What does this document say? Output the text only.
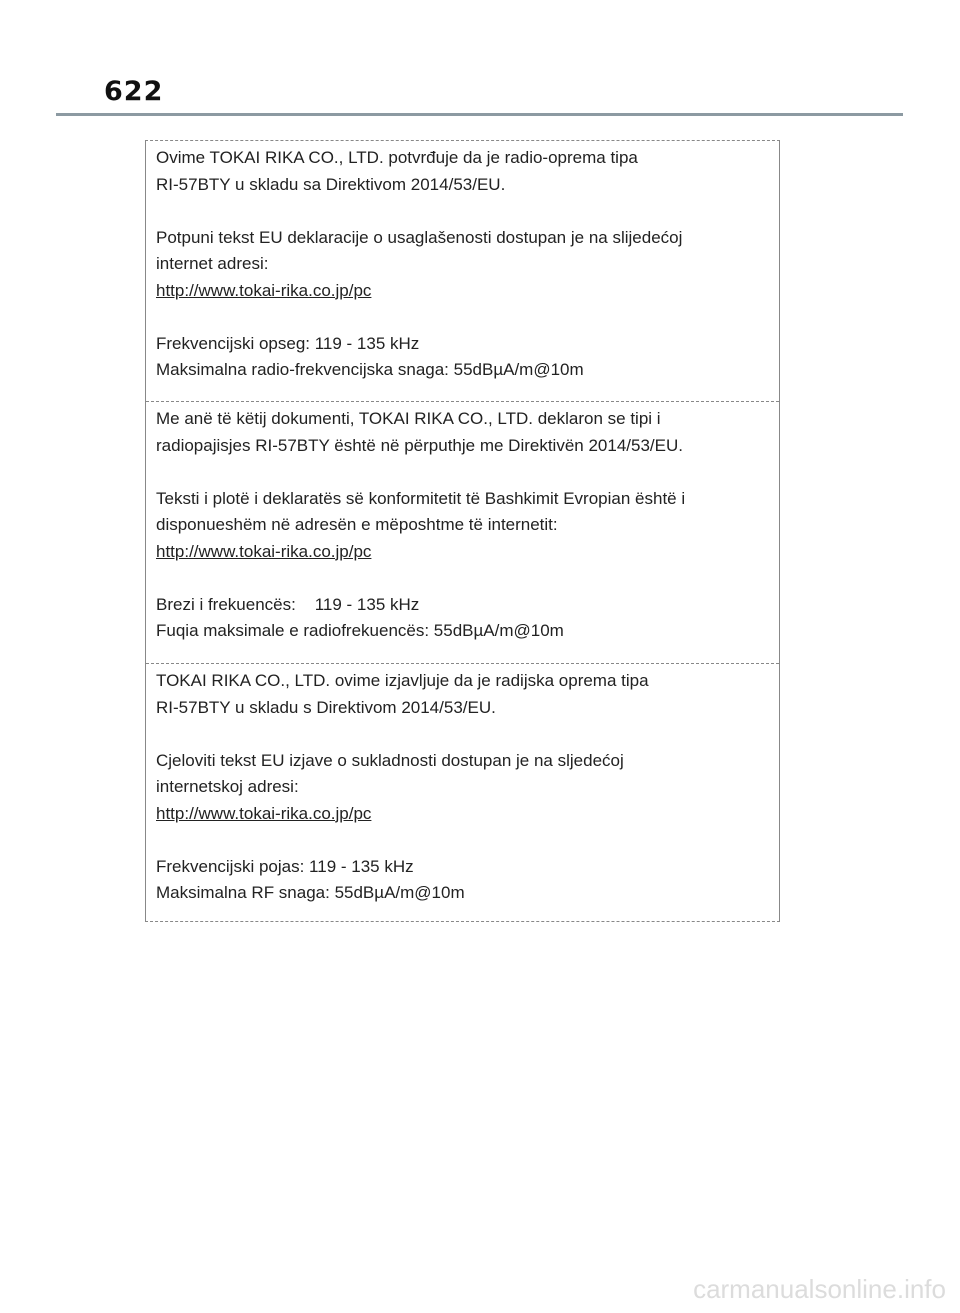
622

Ovime TOKAI RIKA CO., LTD. potvrđuje da je radio-oprema tipa

RI-57BTY u skladu sa Direktivom 2014/53/EU.

Potpuni tekst EU deklaracije o usaglašenosti dostupan je na slijedećoj

internet adresi:

http://www.tokai-rika.co.jp/pc

Frekvencijski opseg: 119 - 135 kHz

Maksimalna radio-frekvencijska snaga: 55dBµA/m@10m

Me anë të këtij dokumenti, TOKAI RIKA CO., LTD. deklaron se tipi i

radiopajisjes RI-57BTY është në përputhje me Direktivën 2014/53/EU.

Teksti i plotë i deklaratës së konformitetit të Bashkimit Evropian është i

disponueshëm në adresën e mëposhtme të internetit:

http://www.tokai-rika.co.jp/pc

Brezi i frekuencës:    119 - 135 kHz

Fuqia maksimale e radiofrekuencës: 55dBµA/m@10m

TOKAI RIKA CO., LTD. ovime izjavljuje da je radijska oprema tipa

RI-57BTY u skladu s Direktivom 2014/53/EU.

Cjeloviti tekst EU izjave o sukladnosti dostupan je na sljedećoj

internetskoj adresi:

http://www.tokai-rika.co.jp/pc

Frekvencijski pojas: 119 - 135 kHz

Maksimalna RF snaga: 55dBµA/m@10m

carmanualsonline.info
